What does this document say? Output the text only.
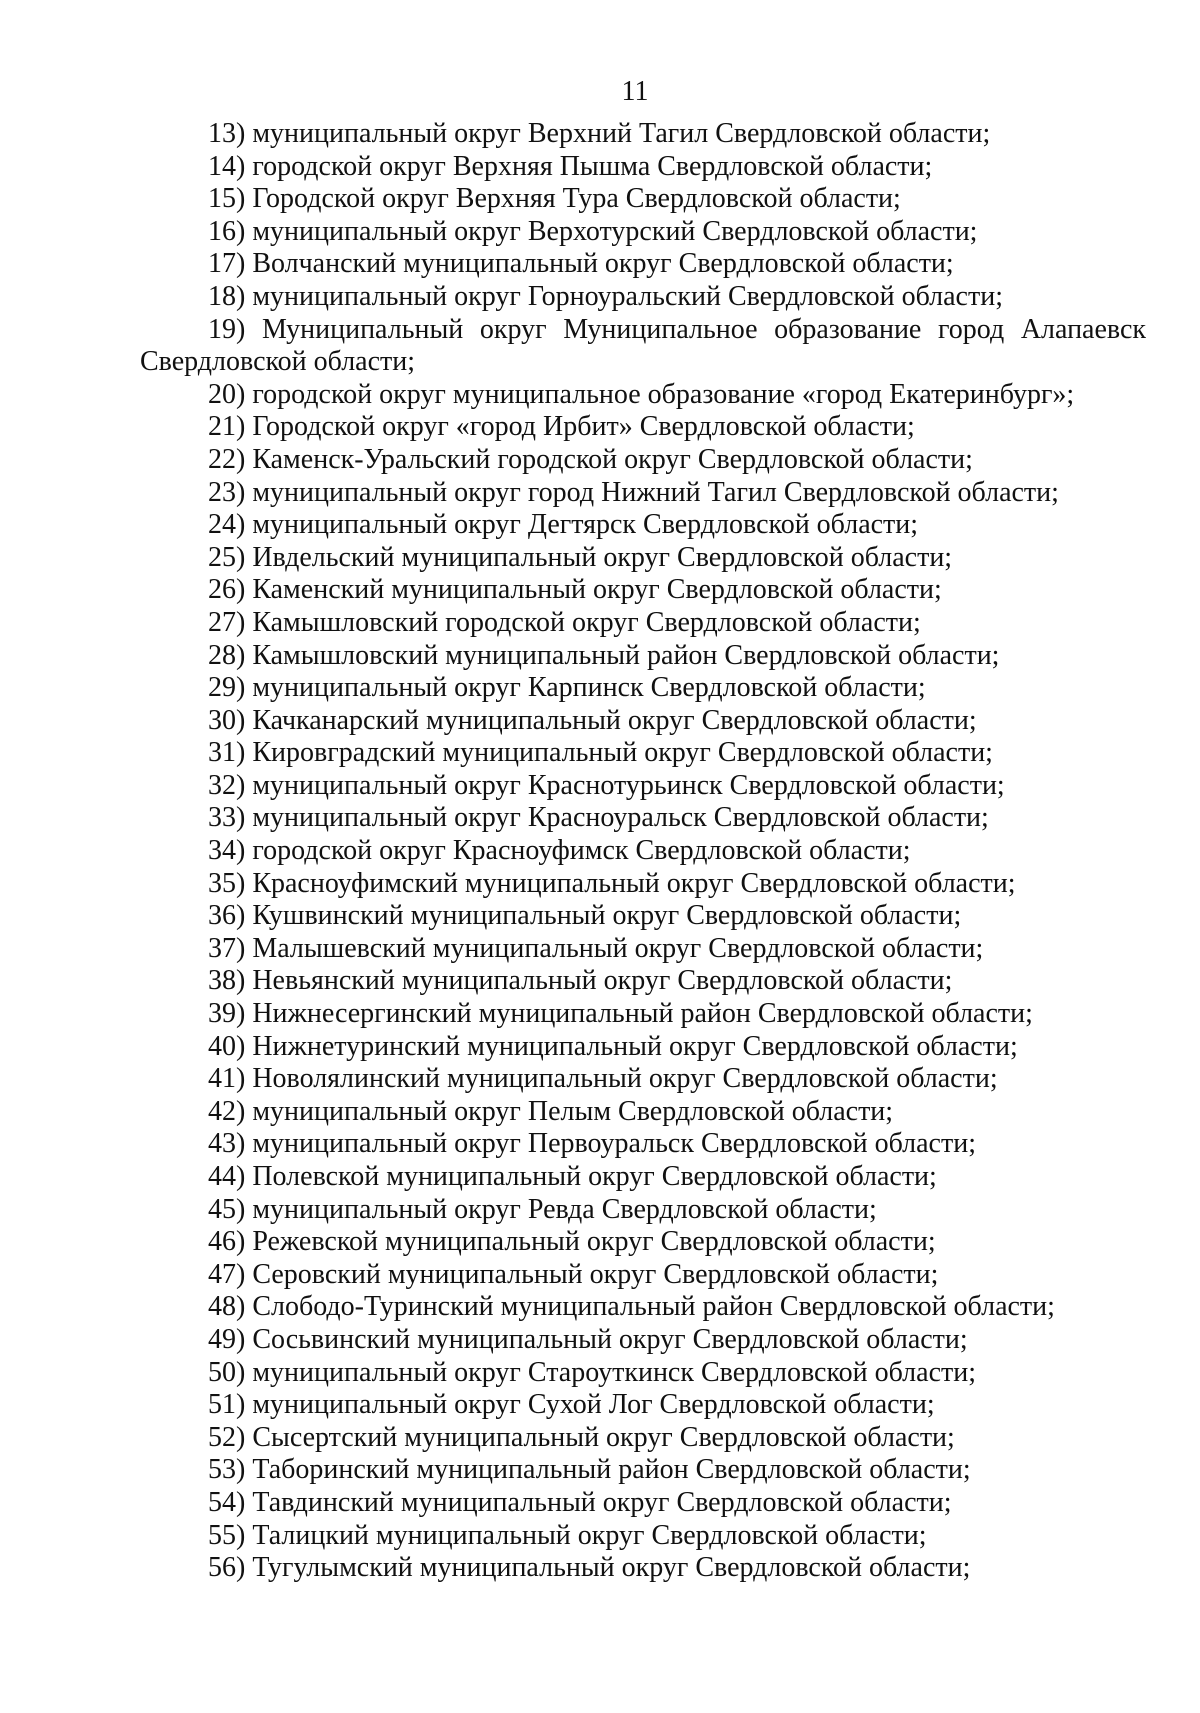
11
13) муниципальный округ Верхний Тагил Свердловской области;
14) городской округ Верхняя Пышма Свердловской области;
15) Городской округ Верхняя Тура Свердловской области;
16) муниципальный округ Верхотурский Свердловской области;
17) Волчанский муниципальный округ Свердловской области;
18) муниципальный округ Горноуральский Свердловской области;
19) Муниципальный округ Муниципальное образование город Алапаевск Свердловской области;
20) городской округ муниципальное образование «город Екатеринбург»;
21) Городской округ «город Ирбит» Свердловской области;
22) Каменск-Уральский городской округ Свердловской области;
23) муниципальный округ город Нижний Тагил Свердловской области;
24) муниципальный округ Дегтярск Свердловской области;
25) Ивдельский муниципальный округ Свердловской области;
26) Каменский муниципальный округ Свердловской области;
27) Камышловский городской округ Свердловской области;
28) Камышловский муниципальный район Свердловской области;
29) муниципальный округ Карпинск Свердловской области;
30) Качканарский муниципальный округ Свердловской области;
31) Кировградский муниципальный округ Свердловской области;
32) муниципальный округ Краснотурьинск Свердловской области;
33) муниципальный округ Красноуральск Свердловской области;
34) городской округ Красноуфимск Свердловской области;
35) Красноуфимский муниципальный округ Свердловской области;
36) Кушвинский муниципальный округ Свердловской области;
37) Малышевский муниципальный округ Свердловской области;
38) Невьянский муниципальный округ Свердловской области;
39) Нижнесергинский муниципальный район Свердловской области;
40) Нижнетуринский муниципальный округ Свердловской области;
41) Новолялинский муниципальный округ Свердловской области;
42) муниципальный округ Пелым Свердловской области;
43) муниципальный округ Первоуральск Свердловской области;
44) Полевской муниципальный округ Свердловской области;
45) муниципальный округ Ревда Свердловской области;
46) Режевской муниципальный округ Свердловской области;
47) Серовский муниципальный округ Свердловской области;
48) Слободо-Туринский муниципальный район Свердловской области;
49) Сосьвинский муниципальный округ Свердловской области;
50) муниципальный округ Староуткинск Свердловской области;
51) муниципальный округ Сухой Лог Свердловской области;
52) Сысертский муниципальный округ Свердловской области;
53) Таборинский муниципальный район Свердловской области;
54) Тавдинский муниципальный округ Свердловской области;
55) Талицкий муниципальный округ Свердловской области;
56) Тугулымский муниципальный округ Свердловской области;
